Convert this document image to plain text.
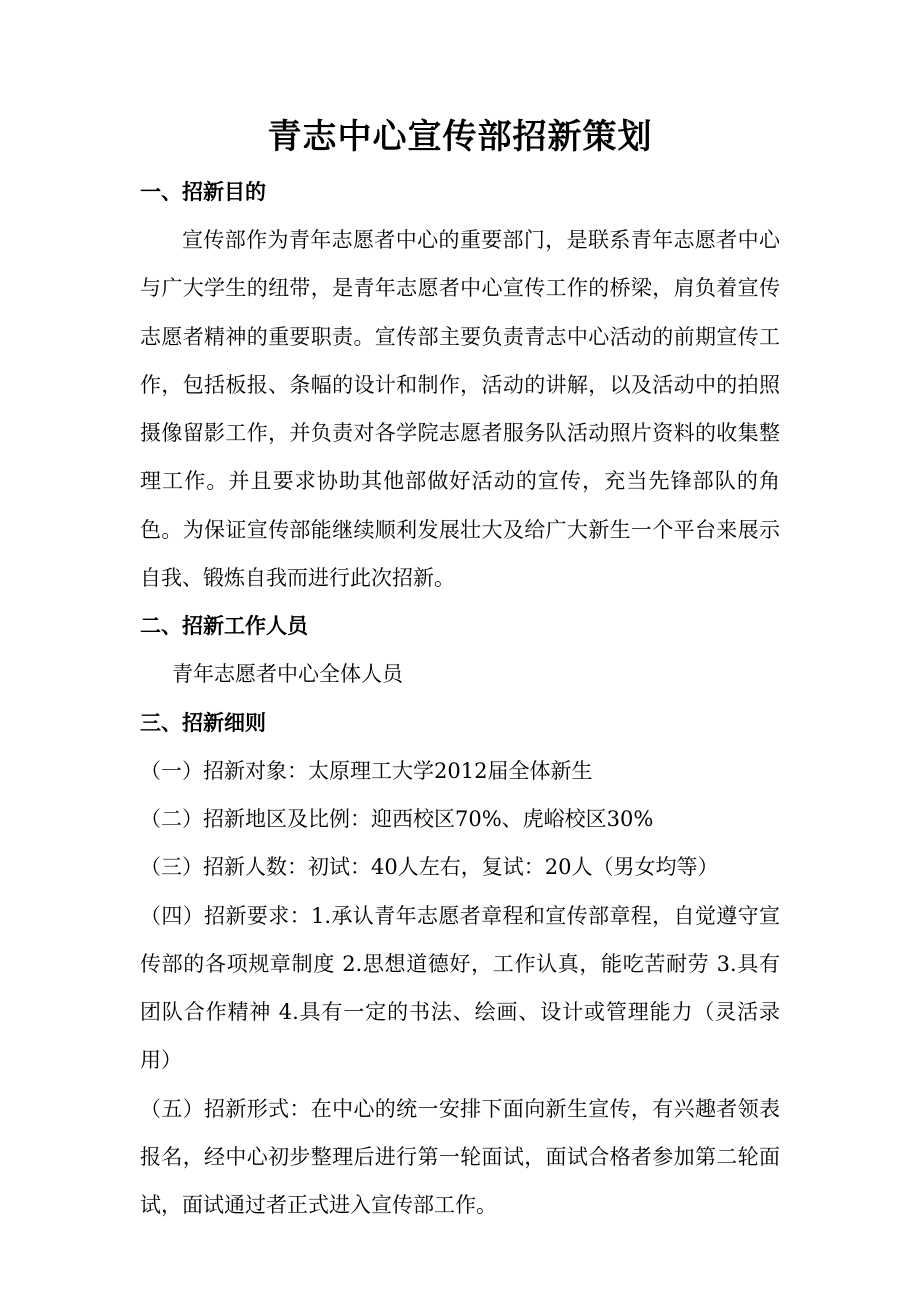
青志中心宣传部招新策划
一、招新目的

宣传部作为青年志愿者中心的重要部门，是联系青年志愿者中心与广大学生的纽带，是青年志愿者中心宣传工作的桥梁，肩负着宣传志愿者精神的重要职责。宣传部主要负责青志中心活动的前期宣传工作，包括板报、条幅的设计和制作，活动的讲解，以及活动中的拍照摄像留影工作，并负责对各学院志愿者服务队活动照片资料的收集整理工作。并且要求协助其他部做好活动的宣传，充当先锋部队的角色。为保证宣传部能继续顺利发展壮大及给广大新生一个平台来展示自我、锻炼自我而进行此次招新。

二、招新工作人员

青年志愿者中心全体人员

三、招新细则

（一）招新对象：太原理工大学2012届全体新生

（二）招新地区及比例：迎西校区70%、虎峪校区30%

（三）招新人数：初试：40人左右，复试：20人（男女均等）

（四）招新要求：1.承认青年志愿者章程和宣传部章程，自觉遵守宣传部的各项规章制度 2.思想道德好，工作认真，能吃苦耐劳 3.具有团队合作精神 4.具有一定的书法、绘画、设计或管理能力（灵活录用）

（五）招新形式：在中心的统一安排下面向新生宣传，有兴趣者领表报名，经中心初步整理后进行第一轮面试，面试合格者参加第二轮面试，面试通过者正式进入宣传部工作。
